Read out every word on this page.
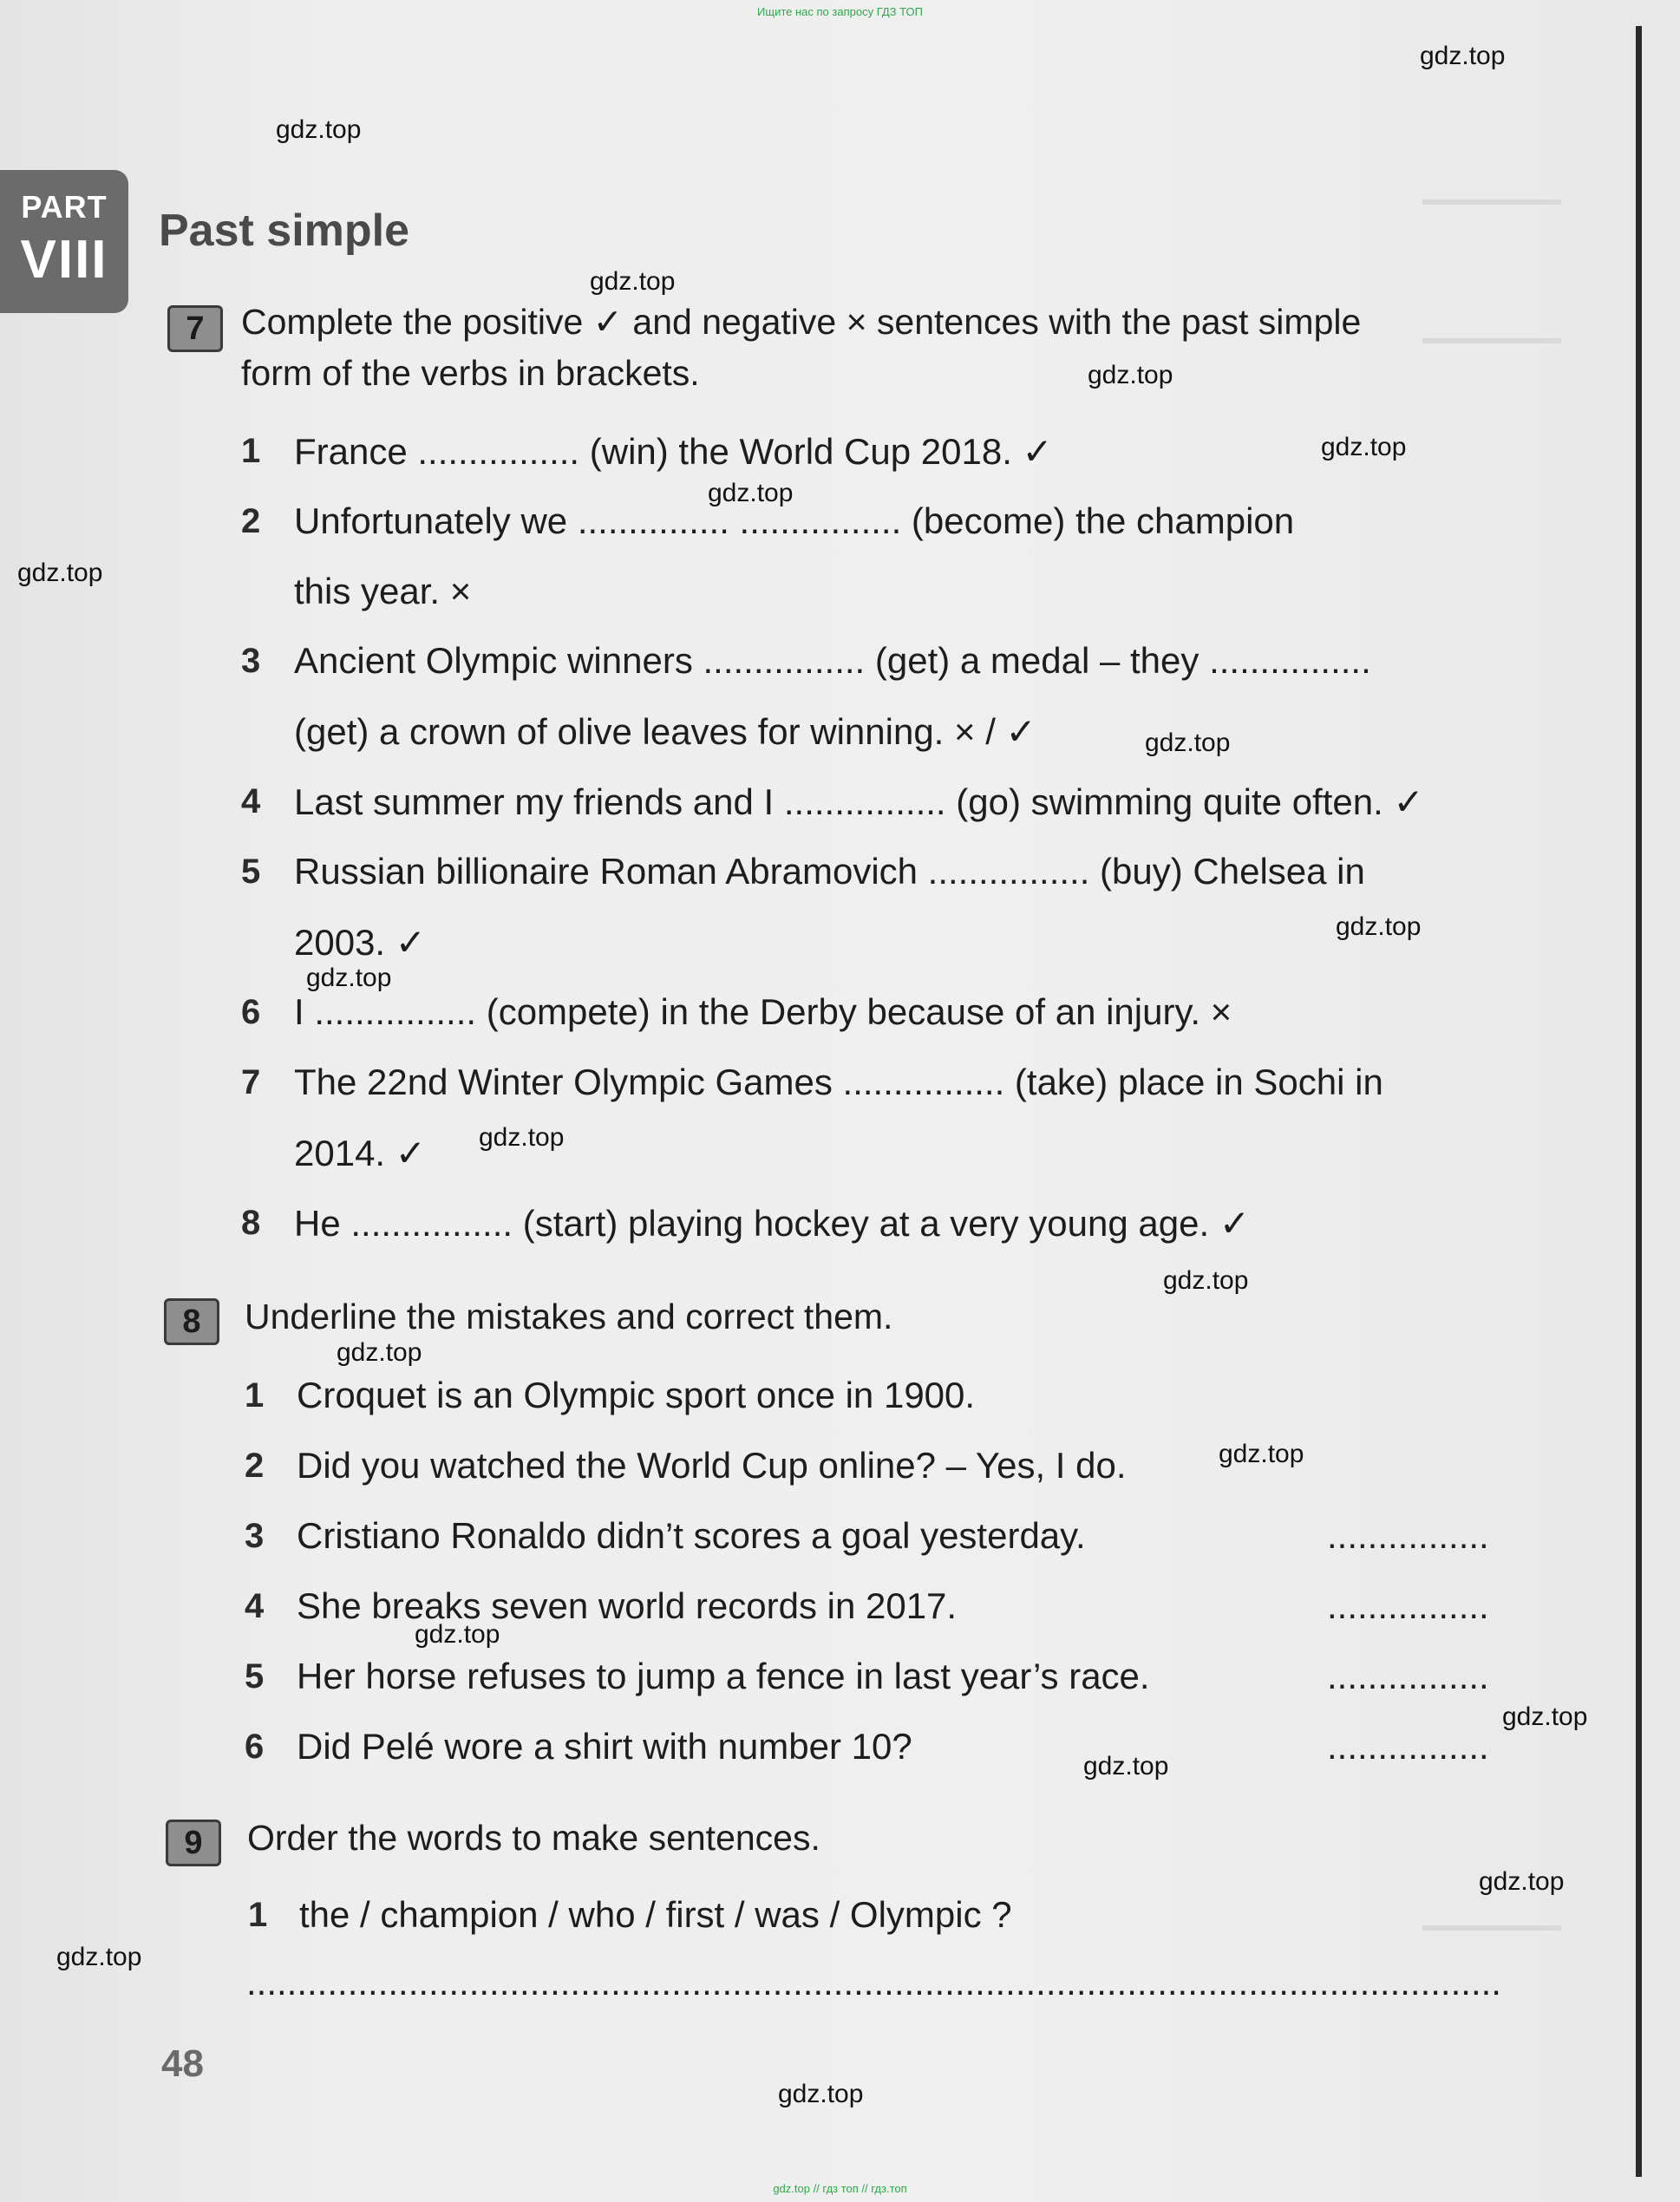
Ищите нас по запросу ГДЗ ТОП
PART
VIII	Past simple
7	Complete the positive ✓ and negative × sentences with the past simple
form of the verbs in brackets.
1 France ................ (win) the World Cup 2018. ✓
2 Unfortunately we ............... ................ (become) the champion
this year. ×
3 Ancient Olympic winners ................ (get) a medal – they ................
(get) a crown of olive leaves for winning. × / ✓
4 Last summer my friends and I ................ (go) swimming quite often. ✓
5 Russian billionaire Roman Abramovich ................ (buy) Chelsea in
2003. ✓
6 I ................ (compete) in the Derby because of an injury. ×
7 The 22nd Winter Olympic Games ................ (take) place in Sochi in
2014. ✓
8 He ................ (start) playing hockey at a very young age. ✓
8	Underline the mistakes and correct them.
1 Croquet is an Olympic sport once in 1900.
2 Did you watched the World Cup online? – Yes, I do.
3 Cristiano Ronaldo didn’t scores a goal yesterday.	................
4 She breaks seven world records in 2017.	................
5 Her horse refuses to jump a fence in last year’s race.	................
6 Did Pelé wore a shirt with number 10?	................
9	Order the words to make sentences.
1 the / champion / who / first / was / Olympic ?
............................................................................................................................
48
gdz.top
gdz.top
gdz.top
gdz.top
gdz.top
gdz.top
gdz.top
gdz.top
gdz.top
gdz.top
gdz.top
gdz.top
gdz.top
gdz.top
gdz.top
gdz.top
gdz.top
gdz.top
gdz.top
gdz.top
gdz.top // гдз топ // гдз.топ
